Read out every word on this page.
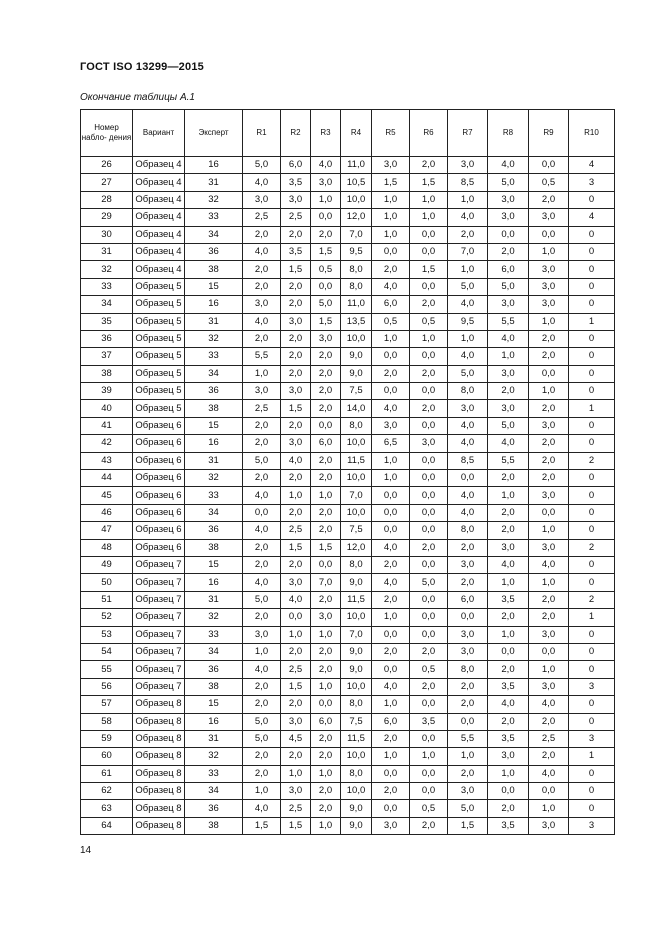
ГОСТ ISO 13299—2015
Окончание таблицы А.1
Номер набло- дения	Вариант	Эксперт	R1	R2	R3	R4	R5	R6	R7	R8	R9	R10
26	Образец 4	16	5,0	6,0	4,0	11,0	3,0	2,0	3,0	4,0	0,0	4
27	Образец 4	31	4,0	3,5	3,0	10,5	1,5	1,5	8,5	5,0	0,5	3
28	Образец 4	32	3,0	3,0	1,0	10,0	1,0	1,0	1,0	3,0	2,0	0
29	Образец 4	33	2,5	2,5	0,0	12,0	1,0	1,0	4,0	3,0	3,0	4
30	Образец 4	34	2,0	2,0	2,0	7,0	1,0	0,0	2,0	0,0	0,0	0
31	Образец 4	36	4,0	3,5	1,5	9,5	0,0	0,0	7,0	2,0	1,0	0
32	Образец 4	38	2,0	1,5	0,5	8,0	2,0	1,5	1,0	6,0	3,0	0
33	Образец 5	15	2,0	2,0	0,0	8,0	4,0	0,0	5,0	5,0	3,0	0
34	Образец 5	16	3,0	2,0	5,0	11,0	6,0	2,0	4,0	3,0	3,0	0
35	Образец 5	31	4,0	3,0	1,5	13,5	0,5	0,5	9,5	5,5	1,0	1
36	Образец 5	32	2,0	2,0	3,0	10,0	1,0	1,0	1,0	4,0	2,0	0
37	Образец 5	33	5,5	2,0	2,0	9,0	0,0	0,0	4,0	1,0	2,0	0
38	Образец 5	34	1,0	2,0	2,0	9,0	2,0	2,0	5,0	3,0	0,0	0
39	Образец 5	36	3,0	3,0	2,0	7,5	0,0	0,0	8,0	2,0	1,0	0
40	Образец 5	38	2,5	1,5	2,0	14,0	4,0	2,0	3,0	3,0	2,0	1
41	Образец 6	15	2,0	2,0	0,0	8,0	3,0	0,0	4,0	5,0	3,0	0
42	Образец 6	16	2,0	3,0	6,0	10,0	6,5	3,0	4,0	4,0	2,0	0
43	Образец 6	31	5,0	4,0	2,0	11,5	1,0	0,0	8,5	5,5	2,0	2
44	Образец 6	32	2,0	2,0	2,0	10,0	1,0	0,0	0,0	2,0	2,0	0
45	Образец 6	33	4,0	1,0	1,0	7,0	0,0	0,0	4,0	1,0	3,0	0
46	Образец 6	34	0,0	2,0	2,0	10,0	0,0	0,0	4,0	2,0	0,0	0
47	Образец 6	36	4,0	2,5	2,0	7,5	0,0	0,0	8,0	2,0	1,0	0
48	Образец 6	38	2,0	1,5	1,5	12,0	4,0	2,0	2,0	3,0	3,0	2
49	Образец 7	15	2,0	2,0	0,0	8,0	2,0	0,0	3,0	4,0	4,0	0
50	Образец 7	16	4,0	3,0	7,0	9,0	4,0	5,0	2,0	1,0	1,0	0
51	Образец 7	31	5,0	4,0	2,0	11,5	2,0	0,0	6,0	3,5	2,0	2
52	Образец 7	32	2,0	0,0	3,0	10,0	1,0	0,0	0,0	2,0	2,0	1
53	Образец 7	33	3,0	1,0	1,0	7,0	0,0	0,0	3,0	1,0	3,0	0
54	Образец 7	34	1,0	2,0	2,0	9,0	2,0	2,0	3,0	0,0	0,0	0
55	Образец 7	36	4,0	2,5	2,0	9,0	0,0	0,5	8,0	2,0	1,0	0
56	Образец 7	38	2,0	1,5	1,0	10,0	4,0	2,0	2,0	3,5	3,0	3
57	Образец 8	15	2,0	2,0	0,0	8,0	1,0	0,0	2,0	4,0	4,0	0
58	Образец 8	16	5,0	3,0	6,0	7,5	6,0	3,5	0,0	2,0	2,0	0
59	Образец 8	31	5,0	4,5	2,0	11,5	2,0	0,0	5,5	3,5	2,5	3
60	Образец 8	32	2,0	2,0	2,0	10,0	1,0	1,0	1,0	3,0	2,0	1
61	Образец 8	33	2,0	1,0	1,0	8,0	0,0	0,0	2,0	1,0	4,0	0
62	Образец 8	34	1,0	3,0	2,0	10,0	2,0	0,0	3,0	0,0	0,0	0
63	Образец 8	36	4,0	2,5	2,0	9,0	0,0	0,5	5,0	2,0	1,0	0
64	Образец 8	38	1,5	1,5	1,0	9,0	3,0	2,0	1,5	3,5	3,0	3
14
